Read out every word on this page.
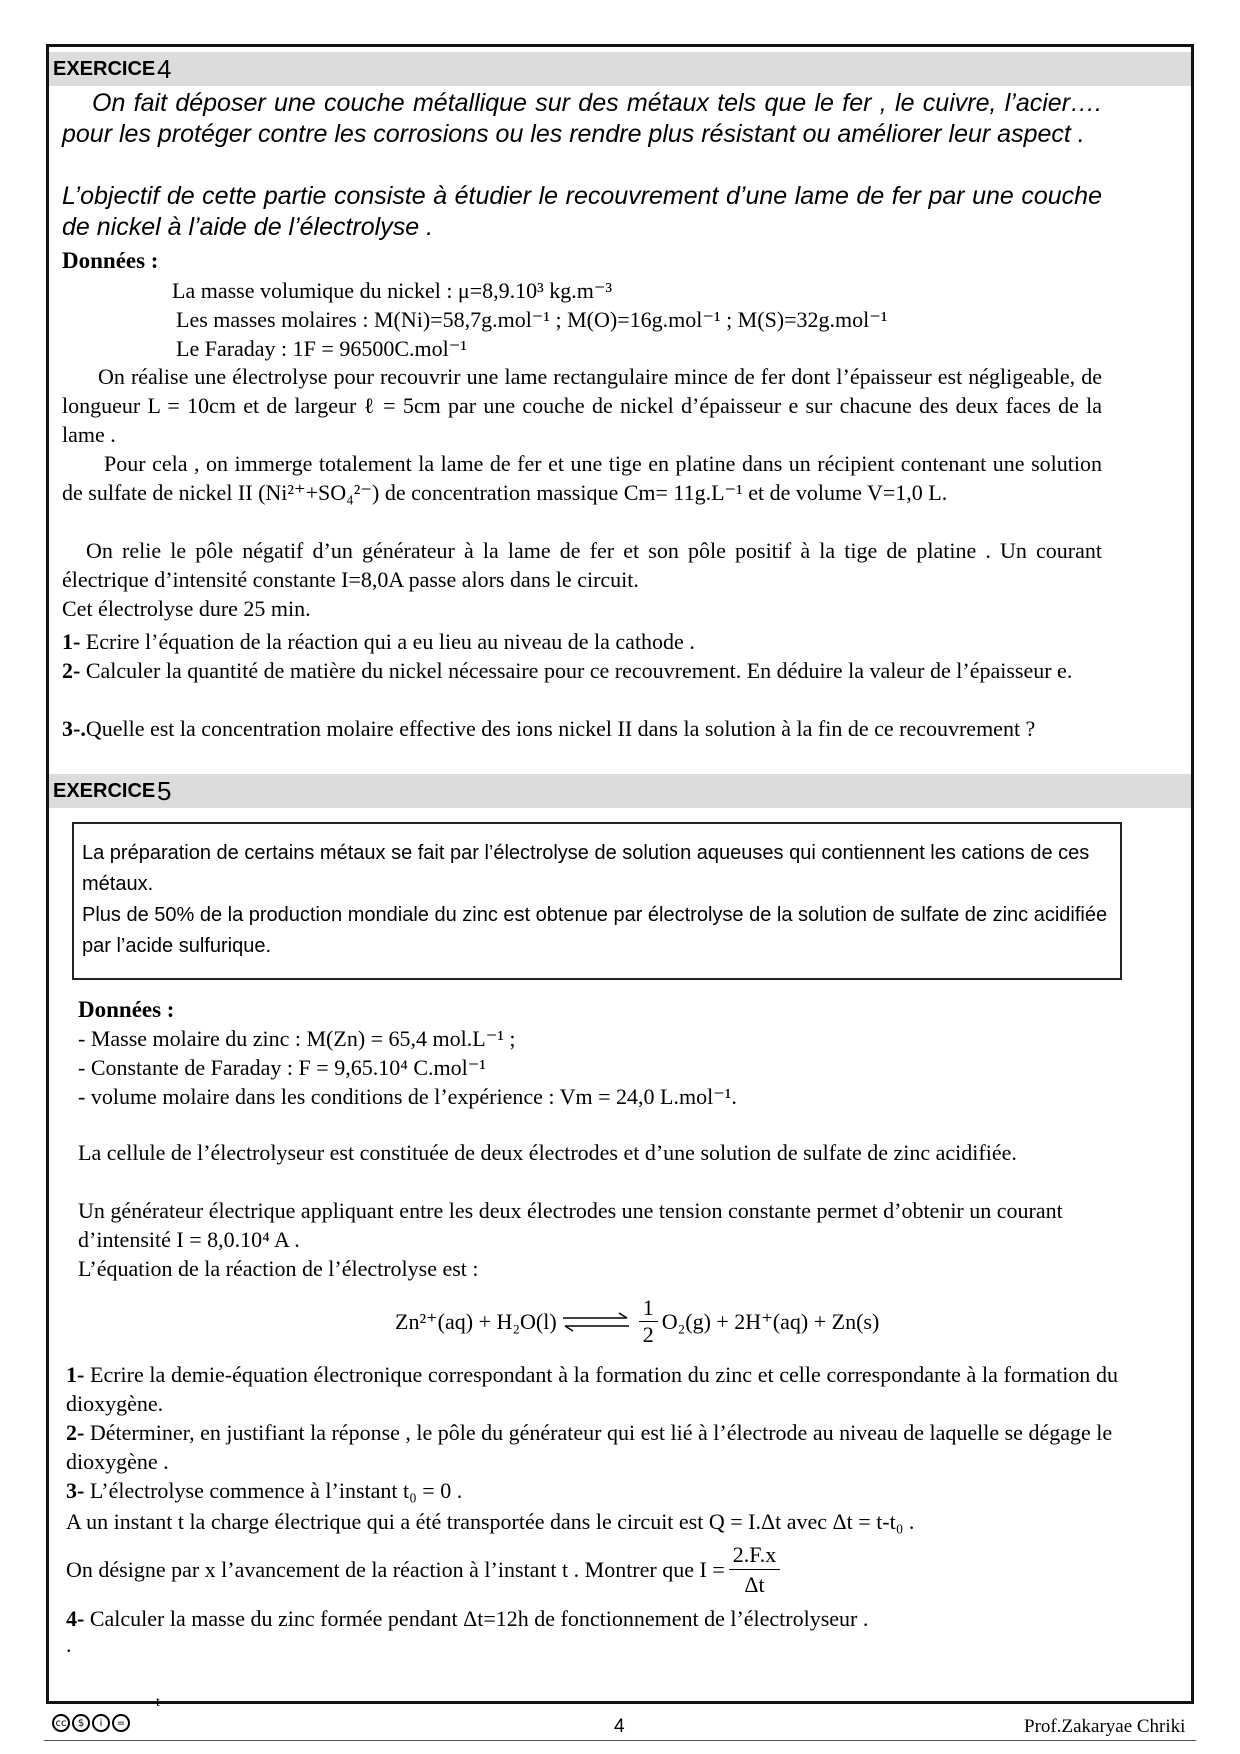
EXERCICE 4
On fait déposer une couche métallique sur des métaux tels que le fer , le cuivre, l’acier…. pour les protéger contre les corrosions ou les rendre plus résistant ou améliorer leur aspect .
L’objectif de cette partie consiste à étudier le recouvrement d’une lame de fer par une couche de nickel à l’aide de l’électrolyse .
Données :
La masse volumique du nickel : μ=8,9.10³ kg.m⁻³
Les masses molaires : M(Ni)=58,7g.mol⁻¹ ; M(O)=16g.mol⁻¹ ; M(S)=32g.mol⁻¹
Le Faraday : 1F = 96500C.mol⁻¹
On réalise une électrolyse pour recouvrir une lame rectangulaire mince de fer dont l’épaisseur est négligeable, de longueur L = 10cm et de largeur ℓ = 5cm par une couche de nickel d’épaisseur e sur chacune des deux faces de la lame .
Pour cela , on immerge totalement la lame de fer et une tige en platine dans un récipient contenant une solution de sulfate de nickel II (Ni²⁺+SO₄²⁻) de concentration massique Cm= 11g.L⁻¹ et de volume V=1,0 L.
On relie le pôle négatif d’un générateur à la lame de fer et son pôle positif à la tige de platine . Un courant électrique d’intensité constante I=8,0A passe alors dans le circuit.
Cet électrolyse dure 25 min.
1- Ecrire l’équation de la réaction qui a eu lieu au niveau de la cathode .
2- Calculer la quantité de matière du nickel nécessaire pour ce recouvrement. En déduire la valeur de l’épaisseur e.
3-.Quelle est la concentration molaire effective des ions nickel II dans la solution à la fin de ce recouvrement ?
EXERCICE 5
La préparation de certains métaux se fait par l’électrolyse de solution aqueuses qui contiennent les cations de ces métaux.
Plus de 50% de la production mondiale du zinc est obtenue par électrolyse de la solution de sulfate de zinc acidifiée par l’acide sulfurique.
Données :
- Masse molaire du zinc : M(Zn) = 65,4 mol.L⁻¹ ;
- Constante de Faraday : F = 9,65.10⁴ C.mol⁻¹
- volume molaire dans les conditions de l’expérience : Vm = 24,0 L.mol⁻¹.
La cellule de l’électrolyseur est constituée de deux électrodes et d’une solution de sulfate de zinc acidifiée.
Un générateur électrique appliquant entre les deux électrodes une tension constante permet d’obtenir un courant d’intensité I = 8,0.10⁴ A .
L’équation de la réaction de l’électrolyse est :
Zn²⁺(aq) + H₂O(l) ⇌ $\frac{1}{2} O_2(g) + 2H^+(aq) + Zn(s)$
1- Ecrire la demie-équation électronique correspondant à la formation du zinc et celle correspondante à la formation du dioxygène.
2- Déterminer, en justifiant la réponse , le pôle du générateur qui est lié à l’électrode au niveau de laquelle se dégage le dioxygène .
3- L’électrolyse commence à l’instant t₀ = 0 .
A un instant t la charge électrique qui a été transportée dans le circuit est Q = I.Δt avec Δt = t-t₀ .
On désigne par x l’avancement de la réaction à l’instant t . Montrer que $I = \frac{2.F.x}{\Delta t}$
4- Calculer la masse du zinc formée pendant Δt=12h de fonctionnement de l’électrolyseur .
.
t
cc	$	i	=	4	Prof.Zakaryae Chriki
